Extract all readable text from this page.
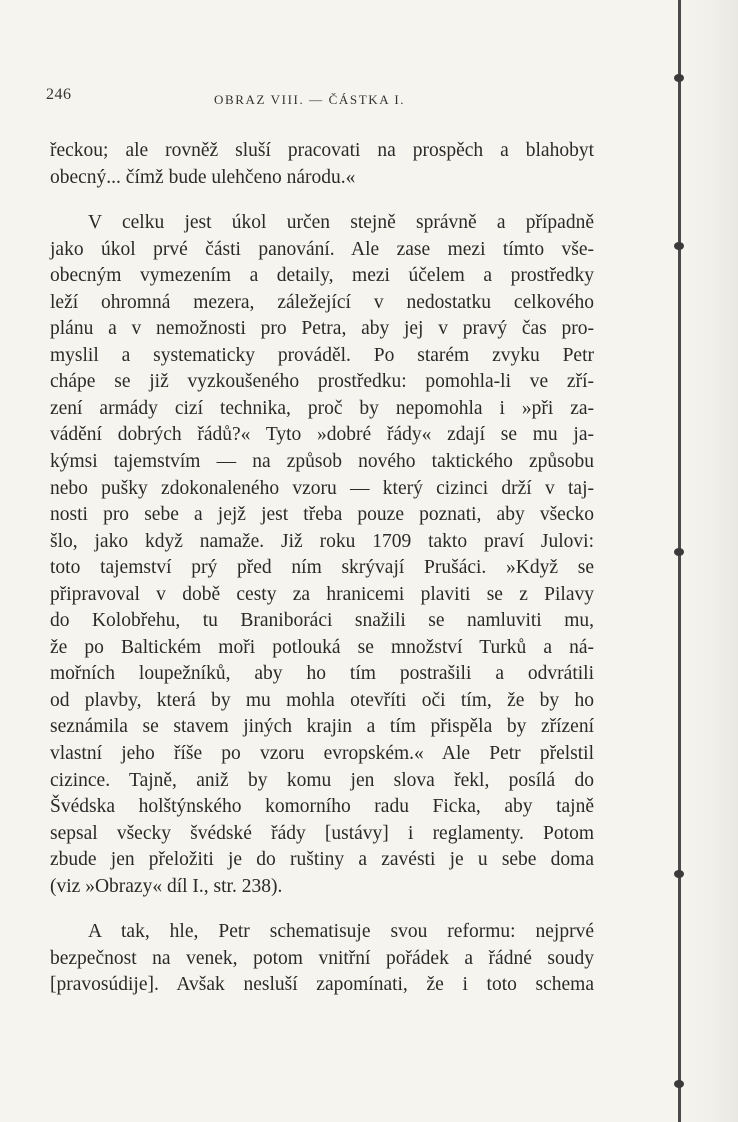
246	OBRAZ VIII. — ČÁSTKA I.

řeckou; ale rovněž sluší pracovati na prospěch a blahobyt
obecný... čímž bude ulehčeno národu.«

V celku jest úkol určen stejně správně a případně
jako úkol prvé části panování. Ale zase mezi tímto vše-
obecným vymezením a detaily, mezi účelem a prostředky
leží ohromná mezera, záležející v nedostatku celkového
plánu a v nemožnosti pro Petra, aby jej v pravý čas pro-
myslil a systematicky prováděl. Po starém zvyku Petr
chápe se již vyzkoušeného prostředku: pomohla-li ve zří-
zení armády cizí technika, proč by nepomohla i »při za-
vádění dobrých řádů?« Tyto »dobré řády« zdají se mu ja-
kýmsi tajemstvím — na způsob nového taktického způsobu
nebo pušky zdokonaleného vzoru — který cizinci drží v taj-
nosti pro sebe a jejž jest třeba pouze poznati, aby všecko
šlo, jako když namaže. Již roku 1709 takto praví Julovi:
toto tajemství prý před ním skrývají Prušáci. »Když se
připravoval v době cesty za hranicemi plaviti se z Pilavy
do Kolobřehu, tu Braniboráci snažili se namluviti mu,
že po Baltickém moři potlouká se množství Turků a ná-
mořních loupežníků, aby ho tím postrašili a odvrátili
od plavby, která by mu mohla otevříti oči tím, že by ho
seznámila se stavem jiných krajin a tím přispěla by zřízení
vlastní jeho říše po vzoru evropském.« Ale Petr přelstil
cizince. Tajně, aniž by komu jen slova řekl, posílá do
Švédska holštýnského komorního radu Ficka, aby tajně
sepsal všecky švédské řády [ustávy] i reglamenty. Potom
zbude jen přeložiti je do ruštiny a zavésti je u sebe doma
(viz »Obrazy« díl I., str. 238).

A tak, hle, Petr schematisuje svou reformu: nejprvé
bezpečnost na venek, potom vnitřní pořádek a řádné soudy
[pravosúdije]. Avšak nesluší zapomínati, že i toto schema
